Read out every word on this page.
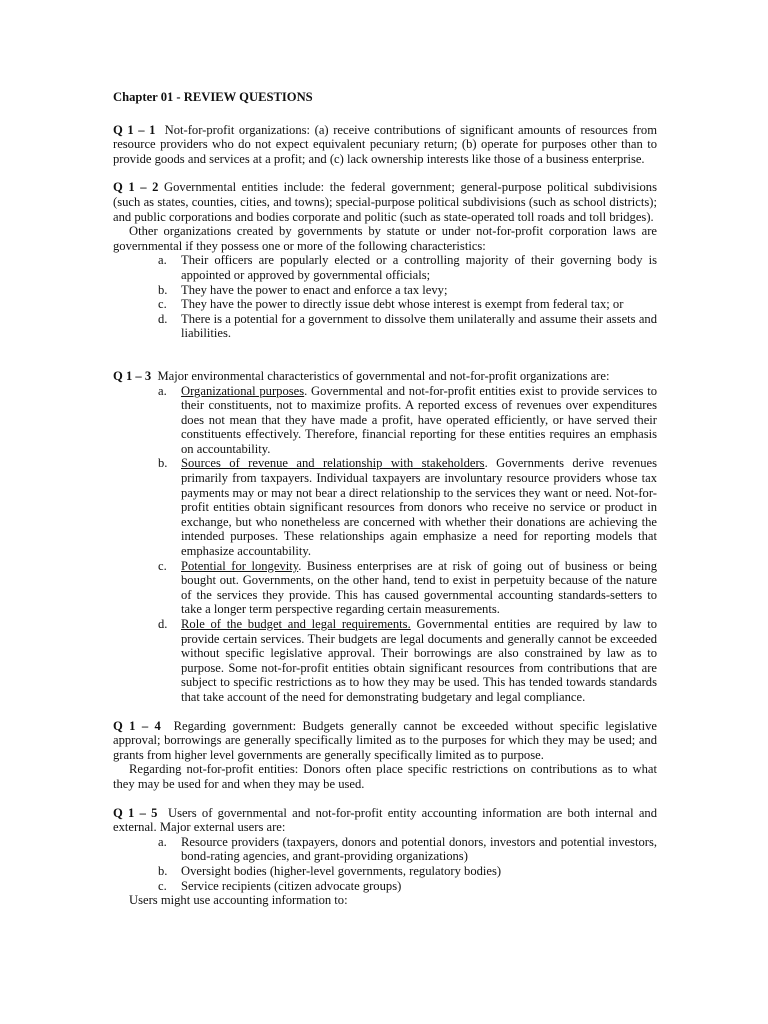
Chapter 01 - REVIEW QUESTIONS

Q 1 – 1 Not-for-profit organizations: (a) receive contributions of significant amounts of resources from resource providers who do not expect equivalent pecuniary return; (b) operate for purposes other than to provide goods and services at a profit; and (c) lack ownership interests like those of a business enterprise.

Q 1 – 2 Governmental entities include: the federal government; general-purpose political subdivisions (such as states, counties, cities, and towns); special-purpose political subdivisions (such as school districts); and public corporations and bodies corporate and politic (such as state-operated toll roads and toll bridges).

Other organizations created by governments by statute or under not-for-profit corporation laws are governmental if they possess one or more of the following characteristics:

a. Their officers are popularly elected or a controlling majority of their governing body is appointed or approved by governmental officials;
b. They have the power to enact and enforce a tax levy;
c. They have the power to directly issue debt whose interest is exempt from federal tax; or
d. There is a potential for a government to dissolve them unilaterally and assume their assets and liabilities.

Q 1 – 3 Major environmental characteristics of governmental and not-for-profit organizations are:

a. Organizational purposes. Governmental and not-for-profit entities exist to provide services to their constituents, not to maximize profits. A reported excess of revenues over expenditures does not mean that they have made a profit, have operated efficiently, or have served their constituents effectively. Therefore, financial reporting for these entities requires an emphasis on accountability.
b. Sources of revenue and relationship with stakeholders. Governments derive revenues primarily from taxpayers. Individual taxpayers are involuntary resource providers whose tax payments may or may not bear a direct relationship to the services they want or need. Not-for-profit entities obtain significant resources from donors who receive no service or product in exchange, but who nonetheless are concerned with whether their donations are achieving the intended purposes. These relationships again emphasize a need for reporting models that emphasize accountability.
c. Potential for longevity. Business enterprises are at risk of going out of business or being bought out. Governments, on the other hand, tend to exist in perpetuity because of the nature of the services they provide. This has caused governmental accounting standards-setters to take a longer term perspective regarding certain measurements.
d. Role of the budget and legal requirements. Governmental entities are required by law to provide certain services. Their budgets are legal documents and generally cannot be exceeded without specific legislative approval. Their borrowings are also constrained by law as to purpose. Some not-for-profit entities obtain significant resources from contributions that are subject to specific restrictions as to how they may be used. This has tended towards standards that take account of the need for demonstrating budgetary and legal compliance.

Q 1 – 4 Regarding government: Budgets generally cannot be exceeded without specific legislative approval; borrowings are generally specifically limited as to the purposes for which they may be used; and grants from higher level governments are generally specifically limited as to purpose.

Regarding not-for-profit entities: Donors often place specific restrictions on contributions as to what they may be used for and when they may be used.

Q 1 – 5 Users of governmental and not-for-profit entity accounting information are both internal and external. Major external users are:

a. Resource providers (taxpayers, donors and potential donors, investors and potential investors, bond-rating agencies, and grant-providing organizations)
b. Oversight bodies (higher-level governments, regulatory bodies)
c. Service recipients (citizen advocate groups)

Users might use accounting information to:
